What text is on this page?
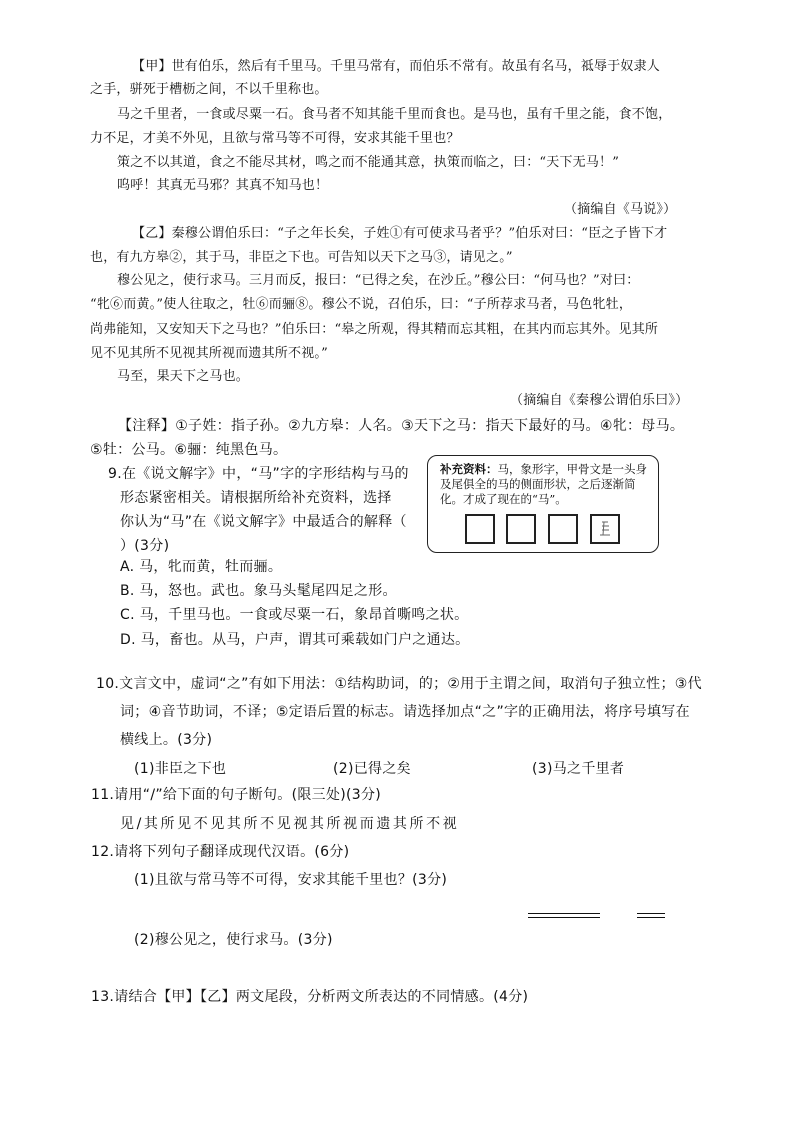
【甲】世有伯乐，然后有千里马。千里马常有，而伯乐不常有。故虽有名马，祗辱于奴隶人
之手，骈死于槽枥之间，不以千里称也。
马之千里者，一食或尽粟一石。食马者不知其能千里而食也。是马也，虽有千里之能，食不饱，
力不足，才美不外见，且欲与常马等不可得，安求其能千里也？
策之不以其道，食之不能尽其材，鸣之而不能通其意，执策而临之，曰：“天下无马！”
呜呼！其真无马邪？其真不知马也！
（摘编自《马说》）
【乙】秦穆公谓伯乐曰：“子之年长矣，子姓①有可使求马者乎？”伯乐对曰：“臣之子皆下才
也，有九方皋②，其于马，非臣之下也。可告知以天下之马③，请见之。”
穆公见之，使行求马。三月而反，报曰：“已得之矣，在沙丘。”穆公曰：“何马也？”对曰：
“牝⑥而黄。”使人往取之，牡⑥而骊⑧。穆公不说，召伯乐，曰：“子所荐求马者，马色牝牡，
尚弗能知，又安知天下之马也？”伯乐曰：“皋之所观，得其精而忘其粗，在其内而忘其外。见其所
见不见其所不见视其所视而遗其所不视。”
马至，果天下之马也。
（摘编自《秦穆公谓伯乐曰》）
【注释】①子姓：指子孙。②九方皋：人名。③天下之马：指天下最好的马。④牝：母马。
⑤牡：公马。⑥骊：纯黑色马。
9.在《说文解字》中，“马”字的字形结构与马的
形态紧密相关。请根据所给补充资料，选择
你认为“马”在《说文解字》中最适合的解释（
）(3分)
A. 马，牝而黄，牡而骊。
B. 马，怒也。武也。象马头髦尾四足之形。
C. 马，千里马也。一食或尽粟一石，象昂首嘶鸣之状。
D. 马，畜也。从马，户声，谓其可乘载如门户之通达。
补充资料：马，象形字，甲骨文是一头身及尾俱全的马的侧面形状，之后逐渐简化。才成了现在的“马”。
10.文言文中，虚词“之”有如下用法：①结构助词，的；②用于主谓之间，取消句子独立性；③代
词；④音节助词，不译；⑤定语后置的标志。请选择加点“之”字的正确用法，将序号填写在
横线上。(3分)
(1)非臣之下也	(2)已得之矣	(3)马之千里者
11.请用“/”给下面的句子断句。(限三处)(3分)
见/其所见不见其所不见视其所视而遗其所不视
12.请将下列句子翻译成现代汉语。(6分)
(1)且欲与常马等不可得，安求其能千里也？(3分)
(2)穆公见之，使行求马。(3分)
13.请结合【甲】【乙】两文尾段，分析两文所表达的不同情感。(4分)
